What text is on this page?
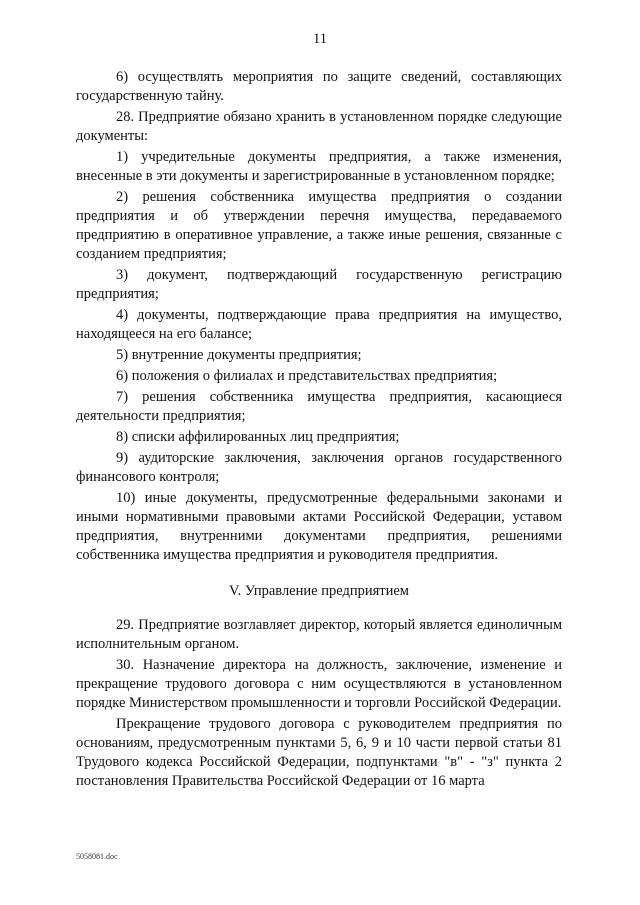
11

6) осуществлять мероприятия по защите сведений, составляющих государственную тайну.

28. Предприятие обязано хранить в установленном порядке следующие документы:

1) учредительные документы предприятия, а также изменения, внесенные в эти документы и зарегистрированные в установленном порядке;

2) решения собственника имущества предприятия о создании предприятия и об утверждении перечня имущества, передаваемого предприятию в оперативное управление, а также иные решения, связанные с созданием предприятия;

3) документ, подтверждающий государственную регистрацию предприятия;

4) документы, подтверждающие права предприятия на имущество, находящееся на его балансе;

5) внутренние документы предприятия;

6) положения о филиалах и представительствах предприятия;

7) решения собственника имущества предприятия, касающиеся деятельности предприятия;

8) списки аффилированных лиц предприятия;

9) аудиторские заключения, заключения органов государственного финансового контроля;

10) иные документы, предусмотренные федеральными законами и иными нормативными правовыми актами Российской Федерации, уставом предприятия, внутренними документами предприятия, решениями собственника имущества предприятия и руководителя предприятия.

V. Управление предприятием

29. Предприятие возглавляет директор, который является единоличным исполнительным органом.

30. Назначение директора на должность, заключение, изменение и прекращение трудового договора с ним осуществляются в установленном порядке Министерством промышленности и торговли Российской Федерации.

Прекращение трудового договора с руководителем предприятия по основаниям, предусмотренным пунктами 5, 6, 9 и 10 части первой статьи 81 Трудового кодекса Российской Федерации, подпунктами "в" - "з" пункта 2 постановления Правительства Российской Федерации от 16 марта

5058081.doc
